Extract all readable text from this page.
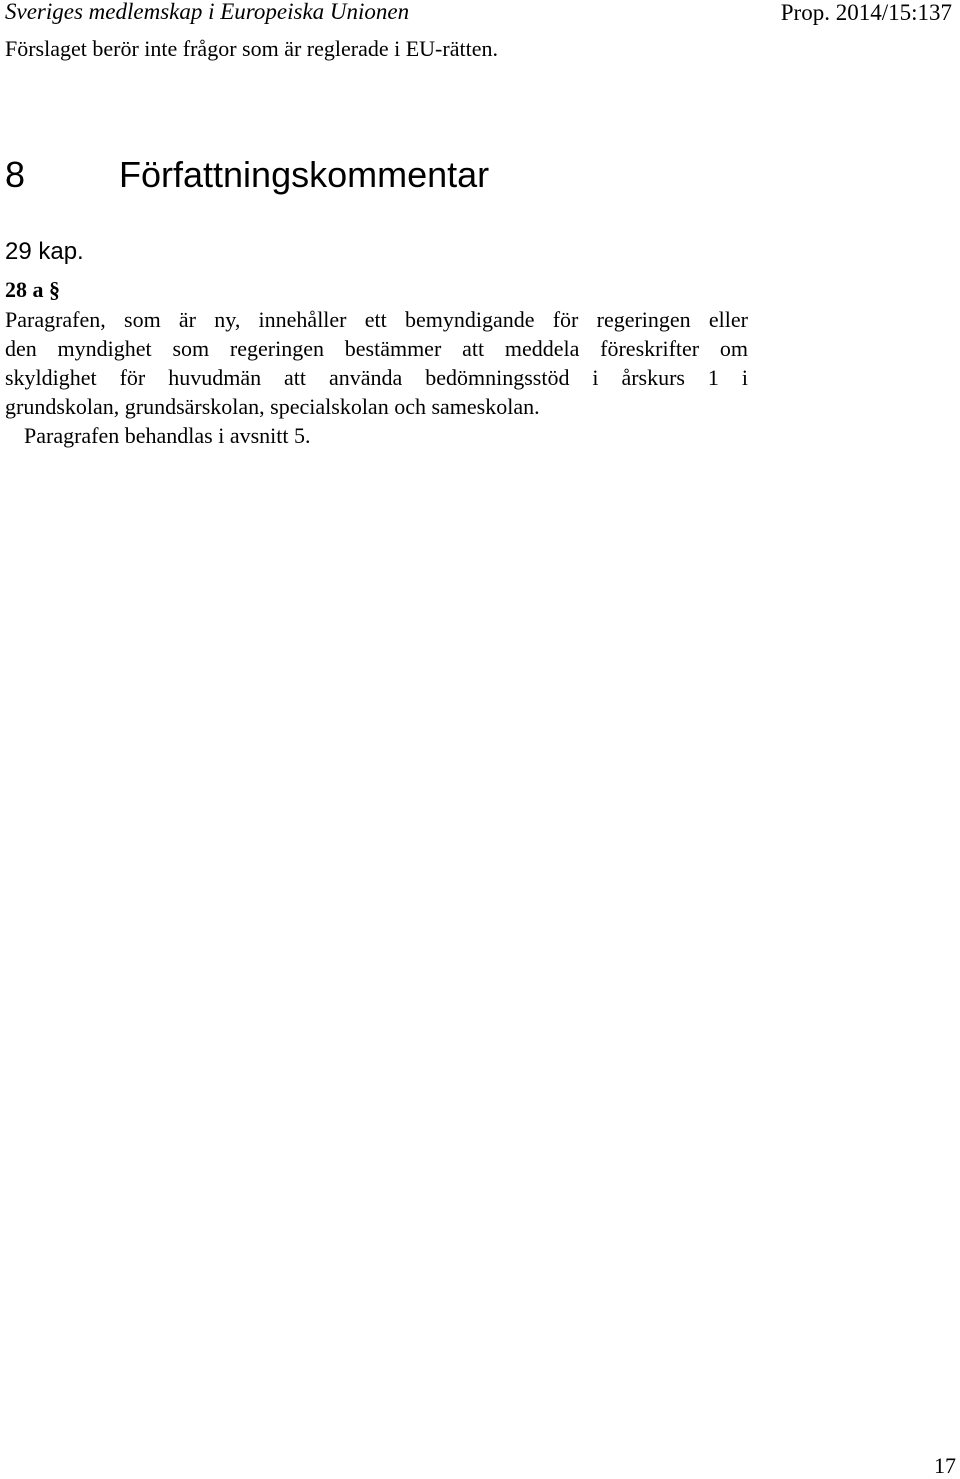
Sveriges medlemskap i Europeiska Unionen	Prop. 2014/15:137
Förslaget berör inte frågor som är reglerade i EU-rätten.
8	Författningskommentar
29 kap.
28 a §
Paragrafen, som är ny, innehåller ett bemyndigande för regeringen eller
den myndighet som regeringen bestämmer att meddela föreskrifter om
skyldighet för huvudmän att använda bedömningsstöd i årskurs 1 i
grundskolan, grundsärskolan, specialskolan och sameskolan.
Paragrafen behandlas i avsnitt 5.
17
